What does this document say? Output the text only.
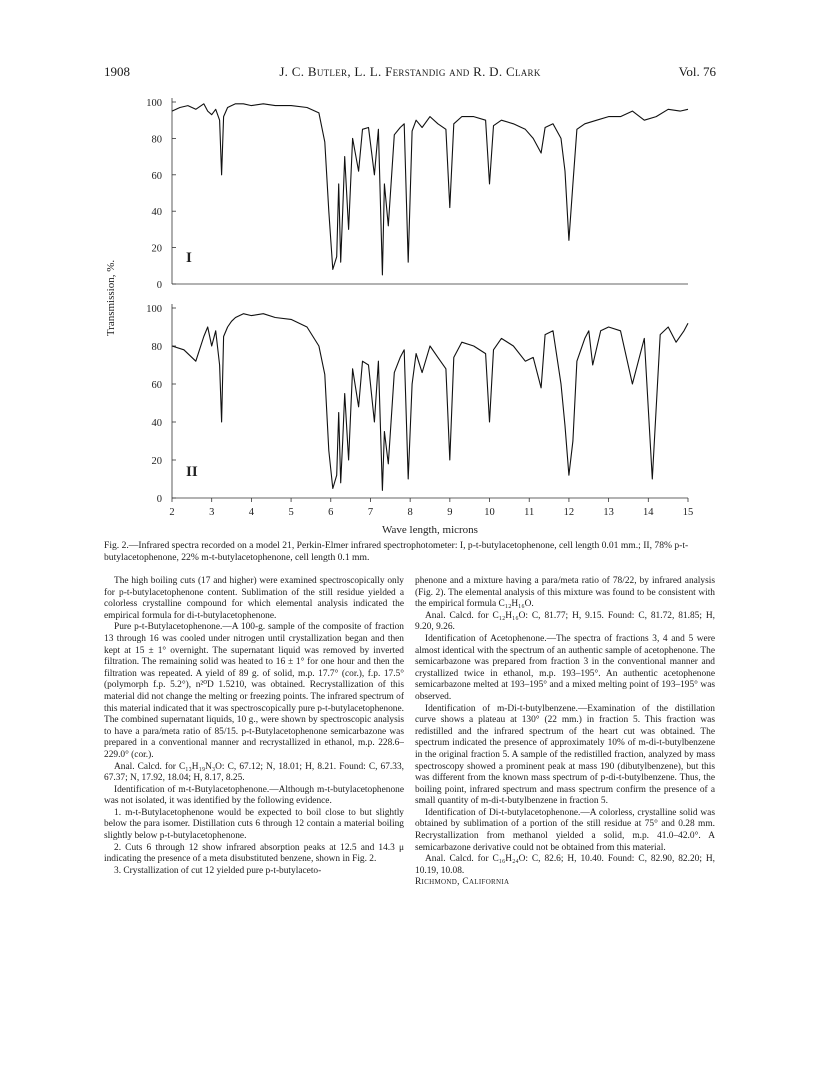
1908	J. C. Butler, L. L. Ferstandig and R. D. Clark	Vol. 76
0
20
40
60
80
100
I
0
20
40
60
80
100
II
2	3	4	5	6	7	8	9	10	11	12	13	14	15
Wave length, microns
Transmission, %.
Fig. 2.—Infrared spectra recorded on a model 21, Perkin-Elmer infrared spectrophotometer: I, p-t-butylacetophenone, cell length 0.01 mm.; II, 78% p-t-butylacetophenone, 22% m-t-butylacetophenone, cell length 0.1 mm.

The high boiling cuts (17 and higher) were examined spectroscopically only for p-t-butylacetophenone content. Sublimation of the still residue yielded a colorless crystalline compound for which elemental analysis indicated the empirical formula for di-t-butylacetophenone.

Pure p-t-Butylacetophenone.—A 100-g. sample of the composite of fraction 13 through 16 was cooled under nitrogen until crystallization began and then kept at 15 ± 1° overnight. The supernatant liquid was removed by inverted filtration. The remaining solid was heated to 16 ± 1° for one hour and then the filtration was repeated. A yield of 89 g. of solid, m.p. 17.7° (cor.), f.p. 17.5° (polymorph f.p. 5.2°), n²⁰D 1.5210, was obtained. Recrystallization of this material did not change the melting or freezing points. The infrared spectrum of this material indicated that it was spectroscopically pure p-t-butylacetophenone. The combined supernatant liquids, 10 g., were shown by spectroscopic analysis to have a para/meta ratio of 85/15. p-t-Butylacetophenone semicarbazone was prepared in a conventional manner and recrystallized in ethanol, m.p. 228.6–229.0° (cor.).

Anal. Calcd. for C₁₃H₁₉N₃O: C, 67.12; N, 18.01; H, 8.21. Found: C, 67.33, 67.37; N, 17.92, 18.04; H, 8.17, 8.25.

Identification of m-t-Butylacetophenone.—Although m-t-butylacetophenone was not isolated, it was identified by the following evidence.

1. m-t-Butylacetophenone would be expected to boil close to but slightly below the para isomer. Distillation cuts 6 through 12 contain a material boiling slightly below p-t-butylacetophenone.

2. Cuts 6 through 12 show infrared absorption peaks at 12.5 and 14.3 μ indicating the presence of a meta disubstituted benzene, shown in Fig. 2.

3. Crystallization of cut 12 yielded pure p-t-butylaceto-

phenone and a mixture having a para/meta ratio of 78/22, by infrared analysis (Fig. 2). The elemental analysis of this mixture was found to be consistent with the empirical formula C₁₂H₁₆O.

Anal. Calcd. for C₁₂H₁₆O: C, 81.77; H, 9.15. Found: C, 81.72, 81.85; H, 9.20, 9.26.

Identification of Acetophenone.—The spectra of fractions 3, 4 and 5 were almost identical with the spectrum of an authentic sample of acetophenone. The semicarbazone was prepared from fraction 3 in the conventional manner and crystallized twice in ethanol, m.p. 193–195°. An authentic acetophenone semicarbazone melted at 193–195° and a mixed melting point of 193–195° was observed.

Identification of m-Di-t-butylbenzene.—Examination of the distillation curve shows a plateau at 130° (22 mm.) in fraction 5. This fraction was redistilled and the infrared spectrum of the heart cut was obtained. The spectrum indicated the presence of approximately 10% of m-di-t-butylbenzene in the original fraction 5. A sample of the redistilled fraction, analyzed by mass spectroscopy showed a prominent peak at mass 190 (dibutylbenzene), but this was different from the known mass spectrum of p-di-t-butylbenzene. Thus, the boiling point, infrared spectrum and mass spectrum confirm the presence of a small quantity of m-di-t-butylbenzene in fraction 5.

Identification of Di-t-butylacetophenone.—A colorless, crystalline solid was obtained by sublimation of a portion of the still residue at 75° and 0.28 mm. Recrystallization from methanol yielded a solid, m.p. 41.0–42.0°. A semicarbazone derivative could not be obtained from this material.

Anal. Calcd. for C₁₆H₂₄O: C, 82.6; H, 10.40. Found: C, 82.90, 82.20; H, 10.19, 10.08.

Richmond, California
